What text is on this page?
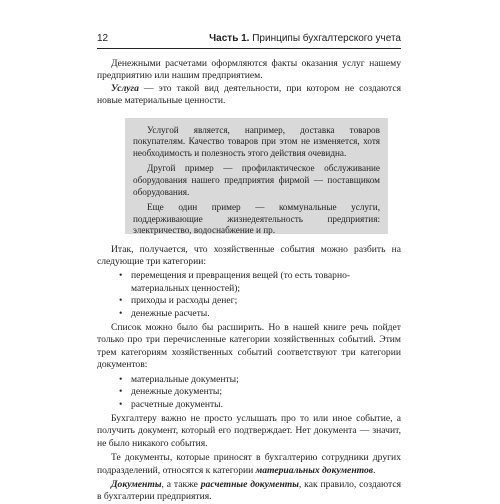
12	Часть 1. Принципы бухгалтерского учета

Денежными расчетами оформляются факты оказания услуг нашему предприятию или нашим предприятием.

Услуга — это такой вид деятельности, при котором не создаются новые материальные ценности.

Услугой является, например, доставка товаров покупателям. Качество товаров при этом не изменяется, хотя необходимость и полезность этого действия очевидна.

Другой пример — профилактическое обслуживание оборудования нашего предприятия фирмой — поставщиком оборудования.

Еще один пример — коммунальные услуги, поддерживающие жизнедеятельность предприятия: электричество, водоснабжение и пр.

Итак, получается, что хозяйственные события можно разбить на следующие три категории:

• перемещения и превращения вещей (то есть товарно-материальных ценностей);
• приходы и расходы денег;
• денежные расчеты.

Список можно было бы расширить. Но в нашей книге речь пойдет только про три перечисленные категории хозяйственных событий. Этим трем категориям хозяйственных событий соответствуют три категории документов:

• материальные документы;
• денежные документы;
• расчетные документы.

Бухгалтеру важно не просто услышать про то или иное событие, а получить документ, который его подтверждает. Нет документа — значит, не было никакого события.

Те документы, которые приносят в бухгалтерию сотрудники других подразделений, относятся к категории материальных документов.

Документы, а также расчетные документы, как правило, создаются в бухгалтерии предприятия.
